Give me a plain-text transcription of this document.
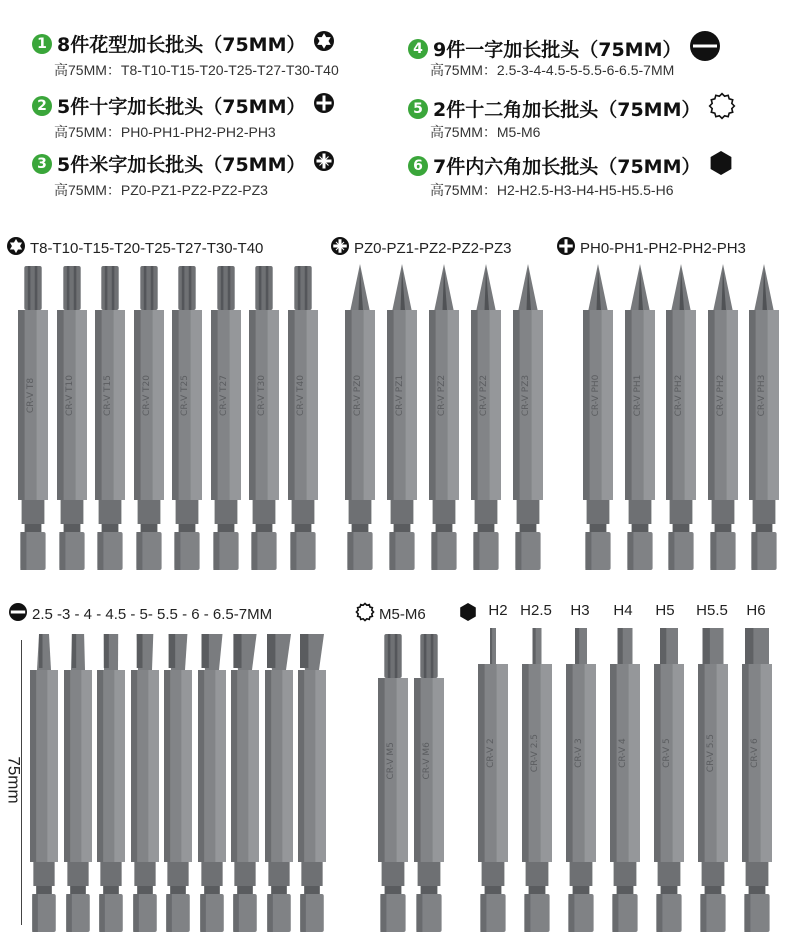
1 8件花型加长批头（75MM）
高75MM：T8-T10-T15-T20-T25-T27-T30-T40
2 5件十字加长批头（75MM）
高75MM：PH0-PH1-PH2-PH2-PH3
3 5件米字加长批头（75MM）
高75MM：PZ0-PZ1-PZ2-PZ2-PZ3
4 9件一字加长批头（75MM）
高75MM：2.5-3-4-4.5-5-5.5-6-6.5-7MM
5 2件十二角加长批头（75MM）
高75MM：M5-M6
6 7件内六角加长批头（75MM）
高75MM：H2-H2.5-H3-H4-H5-H5.5-H6
T8-T10-T15-T20-T25-T27-T30-T40
CR-V T8	CR-V T10	CR-V T15	CR-V T20	CR-V T25	CR-V T27	CR-V T30	CR-V T40
PZ0-PZ1-PZ2-PZ2-PZ3
CR-V PZ0	CR-V PZ1	CR-V PZ2	CR-V PZ2	CR-V PZ3
PH0-PH1-PH2-PH2-PH3
CR-V PH0	CR-V PH1	CR-V PH2	CR-V PH2	CR-V PH3
2.5 -3 - 4 - 4.5 - 5- 5.5 - 6 - 6.5-7MM	M5-M6
CR-V M5	CR-V M6
H2 H2.5	H3	H4	H5	H5.5	H6
CR-V 2	CR-V 2.5	CR-V 3	CR-V 4	CR-V 5	CR-V 5.5	CR-V 6
75mm
